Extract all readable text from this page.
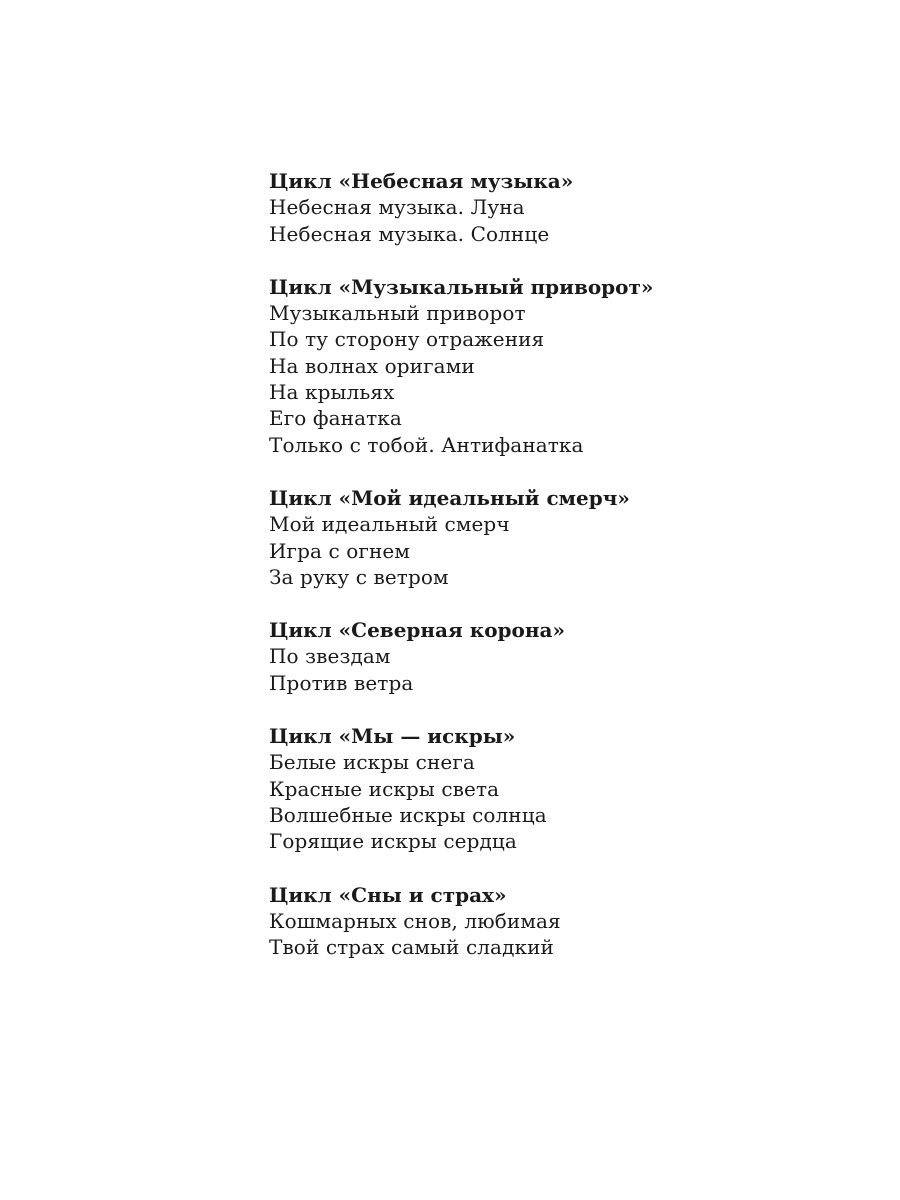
Цикл «Небесная музыка»
Небесная музыка. Луна
Небесная музыка. Солнце
Цикл «Музыкальный приворот»
Музыкальный приворот
По ту сторону отражения
На волнах оригами
На крыльях
Его фанатка
Только с тобой. Антифанатка
Цикл «Мой идеальный смерч»
Мой идеальный смерч
Игра с огнем
За руку с ветром
Цикл «Северная корона»
По звездам
Против ветра
Цикл «Мы — искры»
Белые искры снега
Красные искры света
Волшебные искры солнца
Горящие искры сердца
Цикл «Сны и страх»
Кошмарных снов, любимая
Твой страх самый сладкий
